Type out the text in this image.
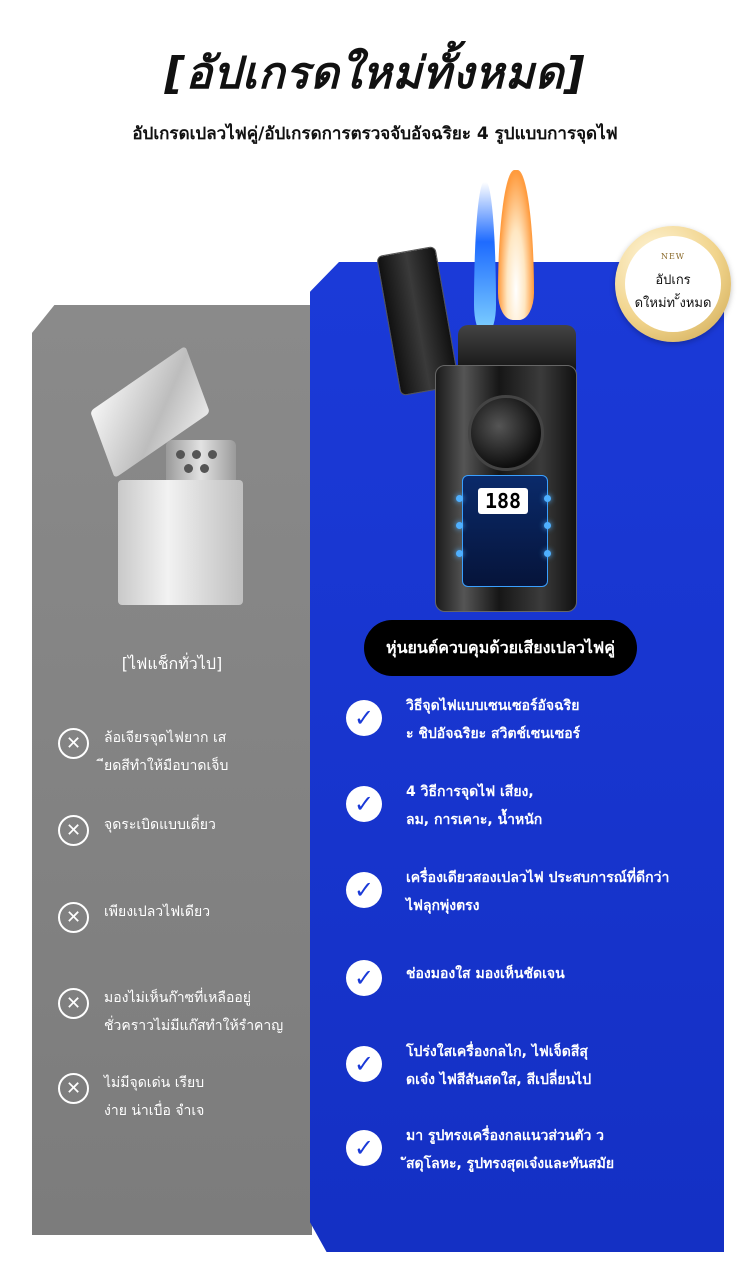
[อัปเกรดใหม่ทั้งหมด]
อัปเกรดเปลวไฟคู่/อัปเกรดการตรวจจับอัจฉริยะ 4 รูปแบบการจุดไฟ
188
NEW
อัปเกร
ดใหม่ท ั้งหมด
[ไฟแช็กทั่วไป]
หุ่นยนต์ควบคุมด้วยเสียงเปลวไฟคู่
✕	ล้อเจียรจุดไฟยาก เส
ียดสีทำให้มือบาดเจ็บ
✕	จุดระเบิดแบบเดี่ยว
✕	เพียงเปลวไฟเดียว
✕	มองไม่เห็นก๊าซที่เหลืออยู่
ชั่วคราวไม่มีแก๊สทำให้รำคาญ
✕	ไม่มีจุดเด่น เรียบ
ง่าย น่าเบื่อ จำเจ
✓	วิธีจุดไฟแบบเซนเซอร์อัจฉริย
ะ ชิปอัจฉริยะ สวิตช์เซนเซอร์
✓	4 วิธีการจุดไฟ เสียง,
ลม, การเคาะ, น้ำหนัก
✓	เครื่องเดียวสองเปลวไฟ ประสบการณ์ที่ดีกว่า
ไฟลุกพุ่งตรง
✓	ช่องมองใส มองเห็นชัดเจน
✓	โปร่งใสเครื่องกลไก, ไฟเจ็ดสีสุ
ดเจ๋ง ไฟสีสันสดใส, สีเปลี่ยนไป
✓	มา รูปทรงเครื่องกลแนวส่วนตัว ว
ัสดุโลหะ, รูปทรงสุดเจ๋งและทันสมัย
